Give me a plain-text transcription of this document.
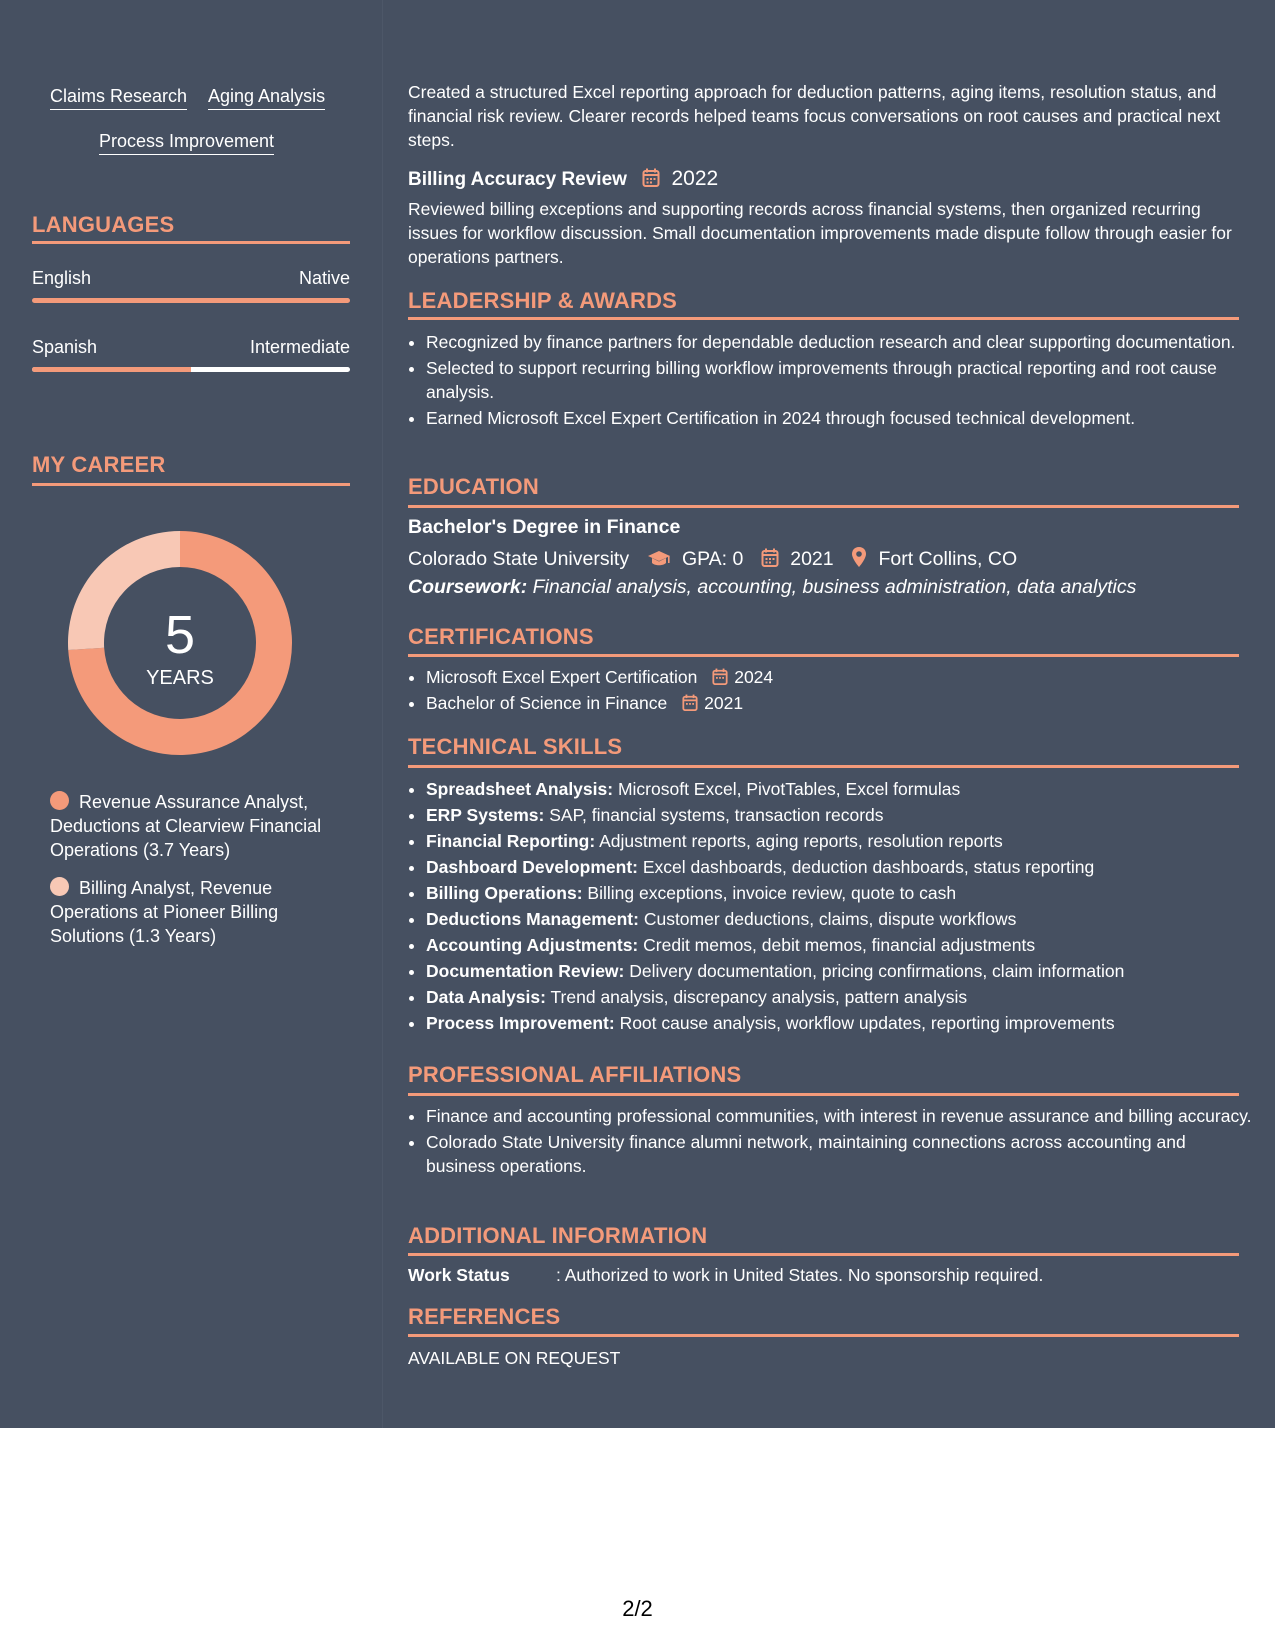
Claims Research Aging Analysis
Process Improvement
LANGUAGES
English	Native
Spanish	Intermediate
MY CAREER
5
YEARS
Revenue Assurance Analyst, Deductions at Clearview Financial Operations (3.7 Years)
Billing Analyst, Revenue Operations at Pioneer Billing Solutions (1.3 Years)

Created a structured Excel reporting approach for deduction patterns, aging items, resolution status, and financial risk review. Clearer records helped teams focus conversations on root causes and practical next steps.

Billing Accuracy Review 2022

Reviewed billing exceptions and supporting records across financial systems, then organized recurring issues for workflow discussion. Small documentation improvements made dispute follow through easier for operations partners.

LEADERSHIP & AWARDS
• Recognized by finance partners for dependable deduction research and clear supporting documentation.
• Selected to support recurring billing workflow improvements through practical reporting and root cause analysis.
• Earned Microsoft Excel Expert Certification in 2024 through focused technical development.
EDUCATION
Bachelor's Degree in Finance
Colorado State University	GPA: 0 2021 Fort Collins, CO
Coursework: Financial analysis, accounting, business administration, data analytics
CERTIFICATIONS
• Microsoft Excel Expert Certification 2024
• Bachelor of Science in Finance 2021
TECHNICAL SKILLS
• Spreadsheet Analysis: Microsoft Excel, PivotTables, Excel formulas
• ERP Systems: SAP, financial systems, transaction records
• Financial Reporting: Adjustment reports, aging reports, resolution reports
• Dashboard Development: Excel dashboards, deduction dashboards, status reporting
• Billing Operations: Billing exceptions, invoice review, quote to cash
• Deductions Management: Customer deductions, claims, dispute workflows
• Accounting Adjustments: Credit memos, debit memos, financial adjustments
• Documentation Review: Delivery documentation, pricing confirmations, claim information
• Data Analysis: Trend analysis, discrepancy analysis, pattern analysis
• Process Improvement: Root cause analysis, workflow updates, reporting improvements
PROFESSIONAL AFFILIATIONS
• Finance and accounting professional communities, with interest in revenue assurance and billing accuracy.
• Colorado State University finance alumni network, maintaining connections across accounting and business operations.
ADDITIONAL INFORMATION
Work Status	: Authorized to work in United States. No sponsorship required.
REFERENCES
AVAILABLE ON REQUEST
2/2
